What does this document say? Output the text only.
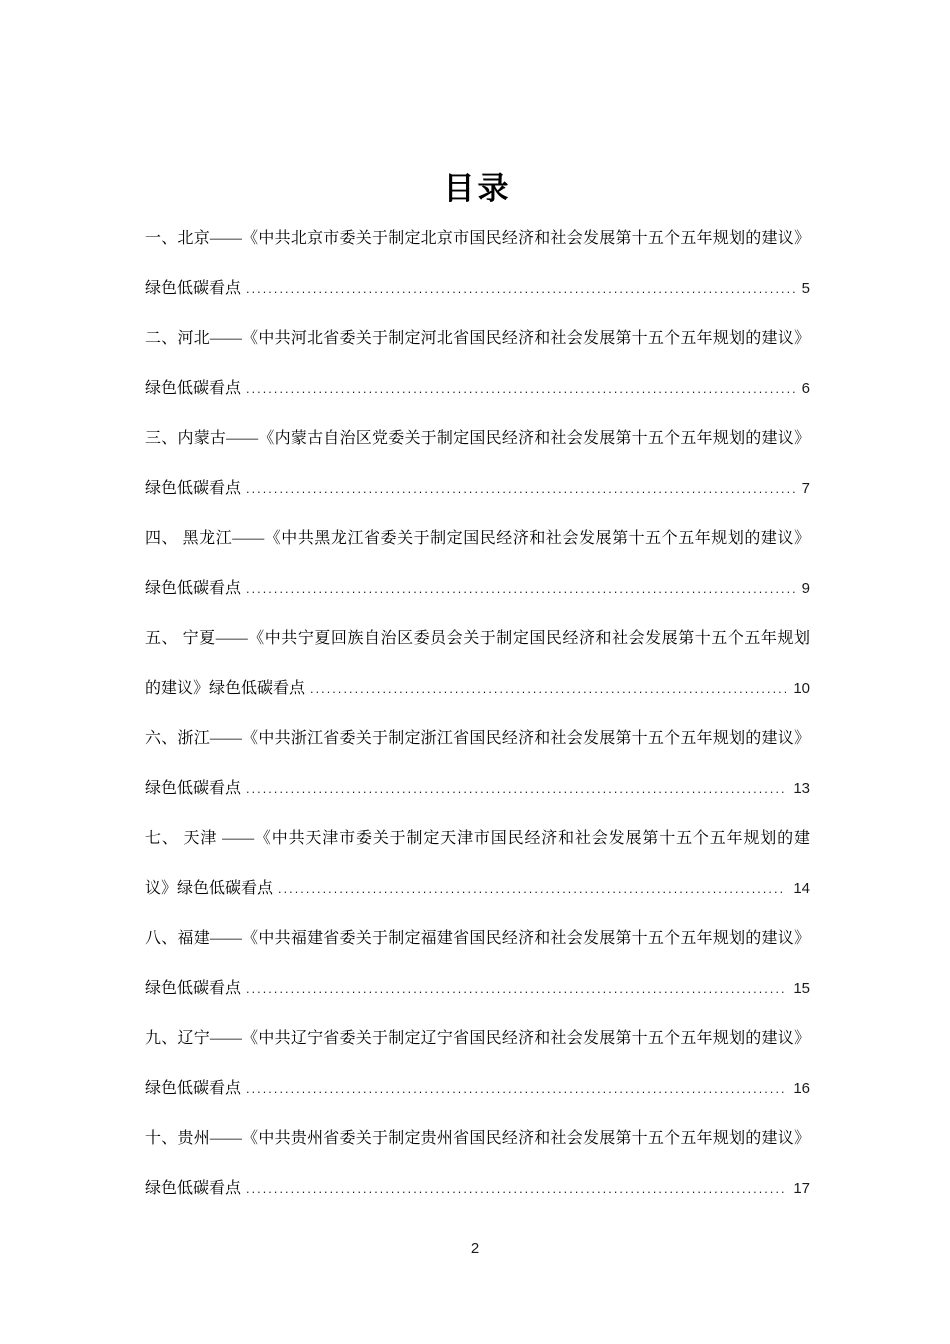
目录
一、北京——《中共北京市委关于制定北京市国民经济和社会发展第十五个五年规划的建议》
绿色低碳看点 .....	5
二、河北——《中共河北省委关于制定河北省国民经济和社会发展第十五个五年规划的建议》
绿色低碳看点 .....	6
三、内蒙古——《内蒙古自治区党委关于制定国民经济和社会发展第十五个五年规划的建议》
绿色低碳看点 .....	7
四、 黑龙江——《中共黑龙江省委关于制定国民经济和社会发展第十五个五年规划的建议》
绿色低碳看点 .....	9
五、 宁夏——《中共宁夏回族自治区委员会关于制定国民经济和社会发展第十五个五年规划
的建议》绿色低碳看点 .....	10
六、浙江——《中共浙江省委关于制定浙江省国民经济和社会发展第十五个五年规划的建议》
绿色低碳看点 .....	13
七、 天津 ——《中共天津市委关于制定天津市国民经济和社会发展第十五个五年规划的建
议》绿色低碳看点 .....	14
八、福建——《中共福建省委关于制定福建省国民经济和社会发展第十五个五年规划的建议》
绿色低碳看点 .....	15
九、辽宁——《中共辽宁省委关于制定辽宁省国民经济和社会发展第十五个五年规划的建议》
绿色低碳看点 .....	16
十、贵州——《中共贵州省委关于制定贵州省国民经济和社会发展第十五个五年规划的建议》
绿色低碳看点 .....	17
2
